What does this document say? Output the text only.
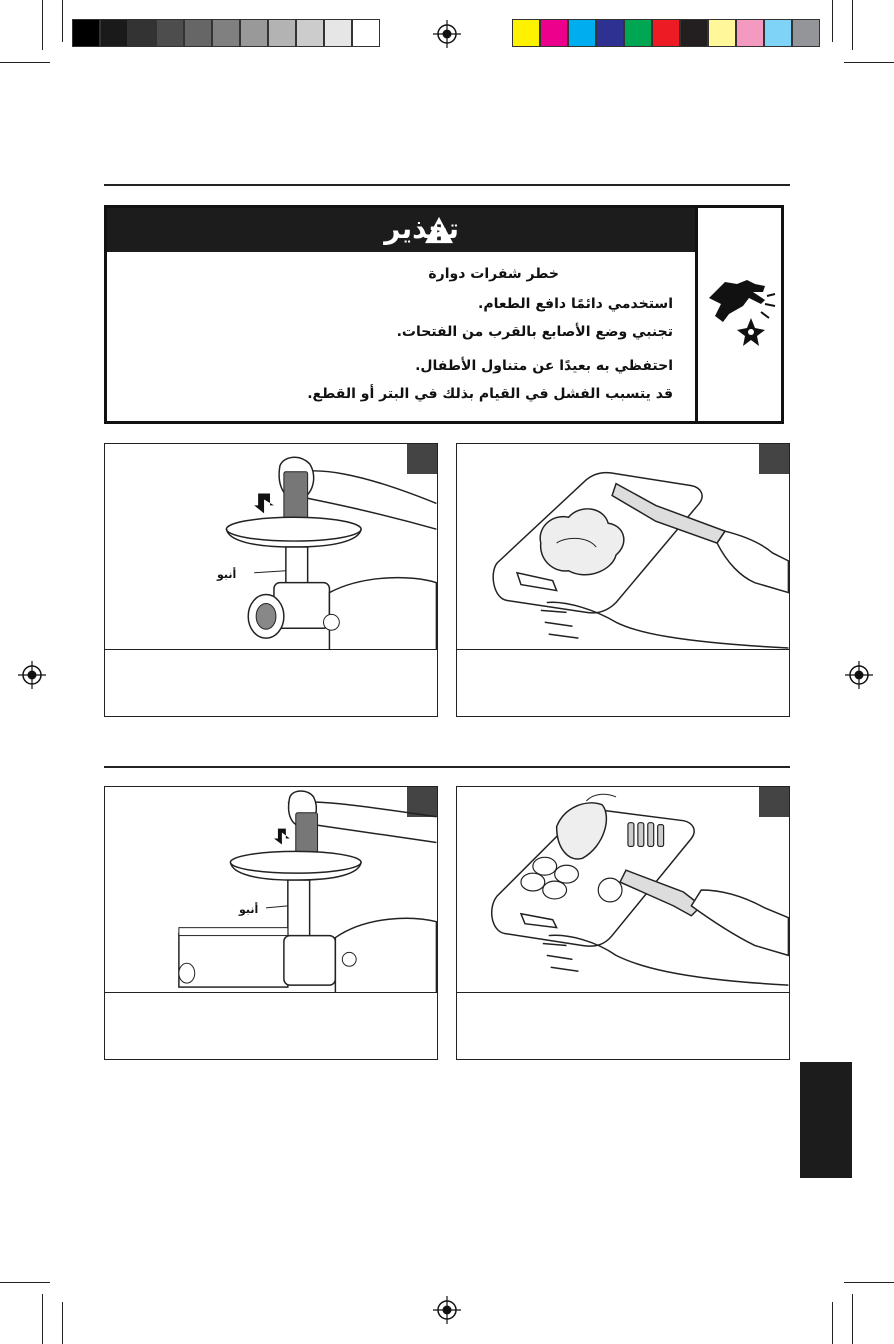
تحذير
خطر شفرات دوارة
استخدمي دائمًا دافع الطعام.
تجنبي وضع الأصابع بالقرب من الفتحات.
احتفظي به بعيدًا عن متناول الأطفال.
قد يتسبب الفشل في القيام بذلك في البتر أو القطع.
أنبو
أنبو
